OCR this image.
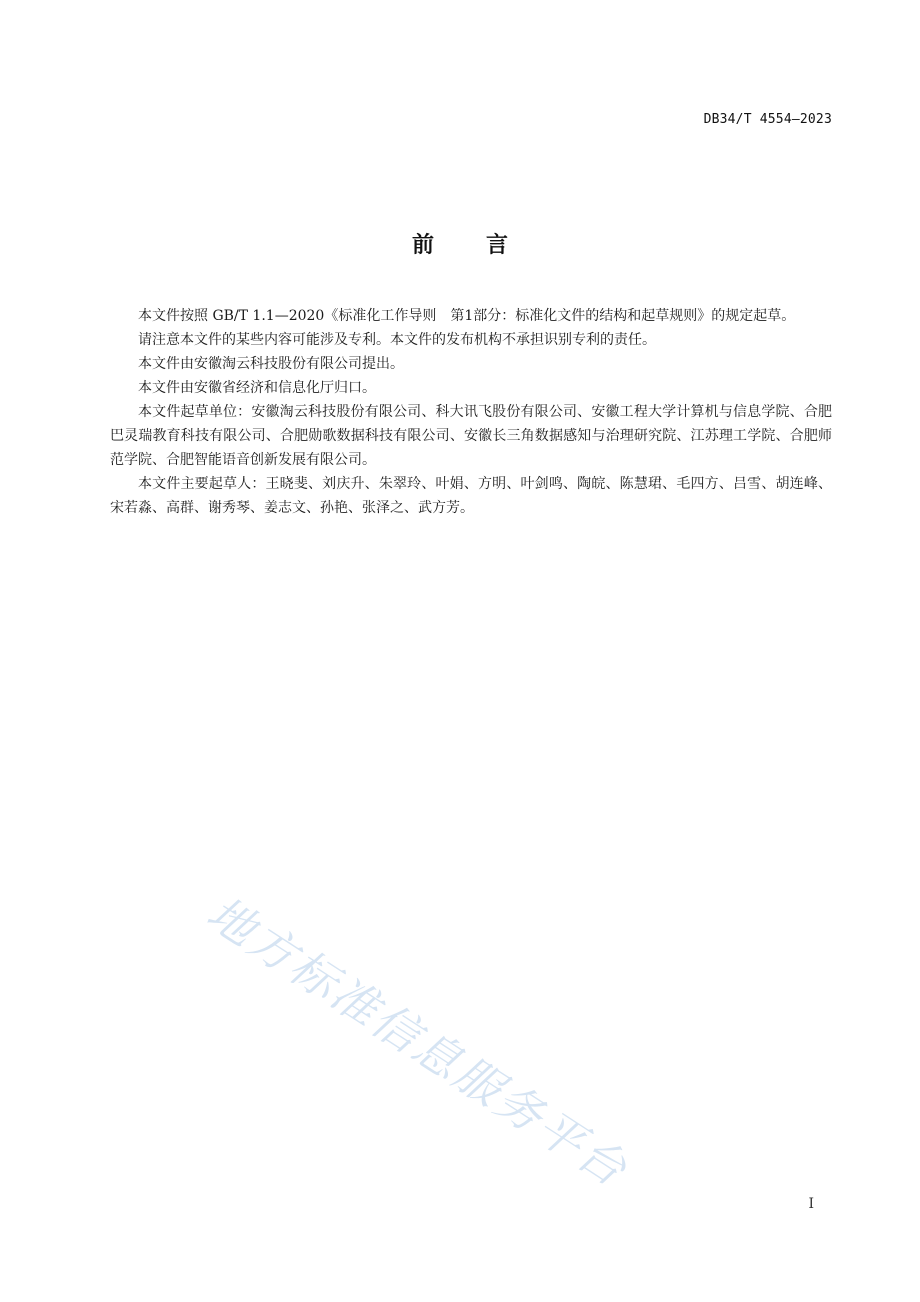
DB34/T 4554—2023
前言

本文件按照 GB/T 1.1—2020《标准化工作导则　第1部分：标准化文件的结构和起草规则》的规定起草。

请注意本文件的某些内容可能涉及专利。本文件的发布机构不承担识别专利的责任。

本文件由安徽淘云科技股份有限公司提出。

本文件由安徽省经济和信息化厅归口。

本文件起草单位：安徽淘云科技股份有限公司、科大讯飞股份有限公司、安徽工程大学计算机与信息学院、合肥巴灵瑞教育科技有限公司、合肥勋歌数据科技有限公司、安徽长三角数据感知与治理研究院、江苏理工学院、合肥师范学院、合肥智能语音创新发展有限公司。

本文件主要起草人：王晓斐、刘庆升、朱翠玲、叶娟、方明、叶剑鸣、陶皖、陈慧珺、毛四方、吕雪、胡连峰、宋若淼、高群、谢秀琴、姜志文、孙艳、张泽之、武方芳。

地方标准信息服务平台
I
